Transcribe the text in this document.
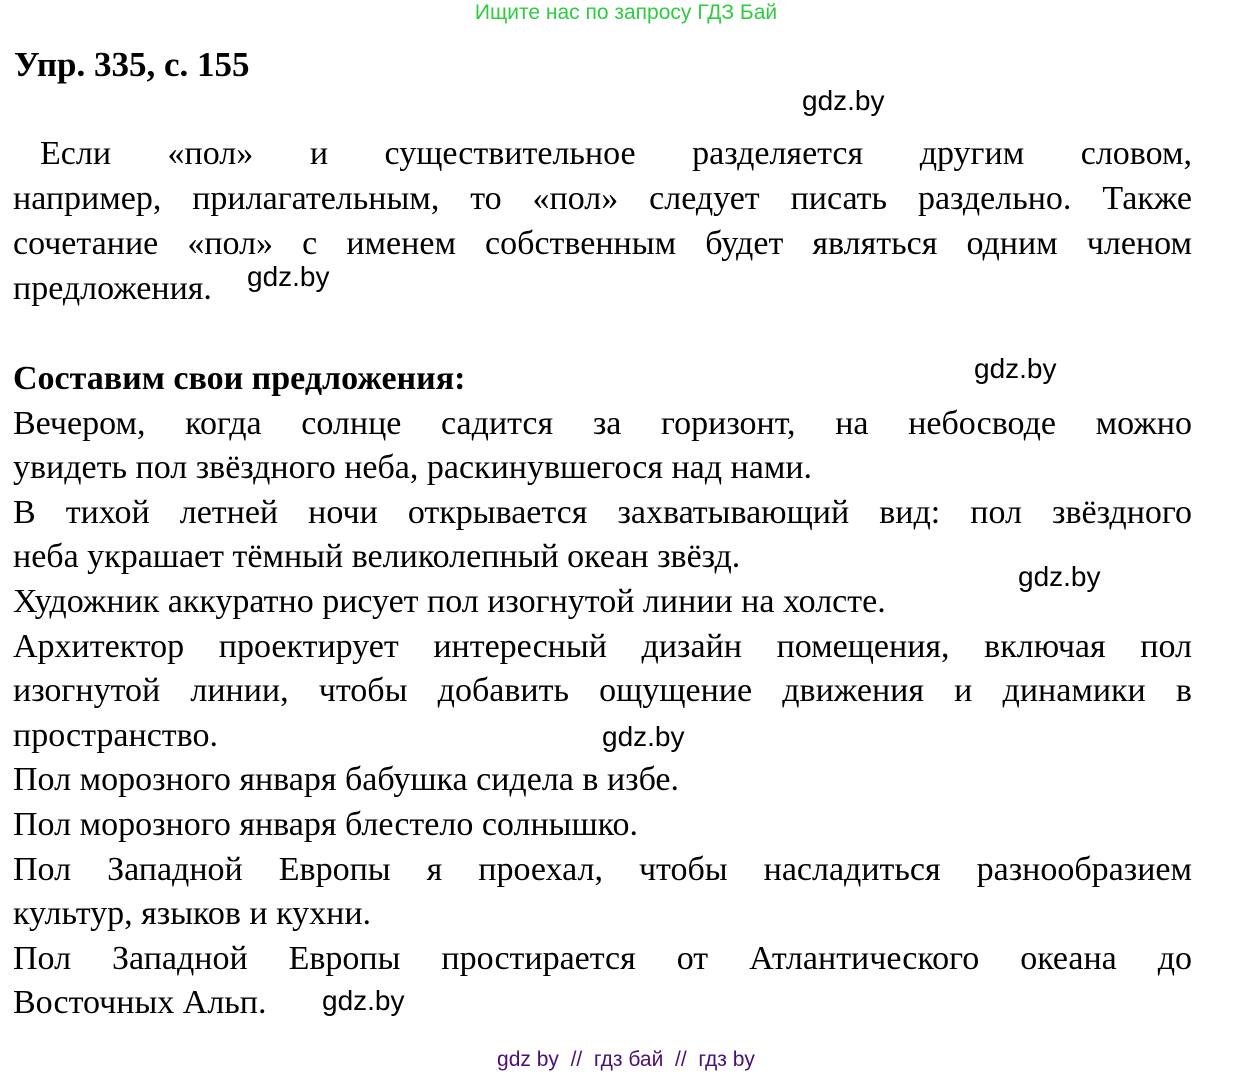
Ищите нас по запросу ГДЗ Бай
Упр. 335, с. 155
Если «пол» и существительное разделяется другим словом,
например, прилагательным, то «пол» следует писать раздельно. Также
сочетание «пол» с именем собственным будет являться одним членом
предложения.
Составим свои предложения:
Вечером, когда солнце садится за горизонт, на небосводе можно
увидеть пол звёздного неба, раскинувшегося над нами.
В тихой летней ночи открывается захватывающий вид: пол звёздного
неба украшает тёмный великолепный океан звёзд.
Художник аккуратно рисует пол изогнутой линии на холсте.
Архитектор проектирует интересный дизайн помещения, включая пол
изогнутой линии, чтобы добавить ощущение движения и динамики в
пространство.
Пол морозного января бабушка сидела в избе.
Пол морозного января блестело солнышко.
Пол Западной Европы я проехал, чтобы насладиться разнообразием
культур, языков и кухни.
Пол Западной Европы простирается от Атлантического океана до
Восточных Альп.
gdz.by
gdz.by
gdz.by
gdz.by
gdz.by
gdz.by
gdz by  //  гдз бай  //  гдз by
